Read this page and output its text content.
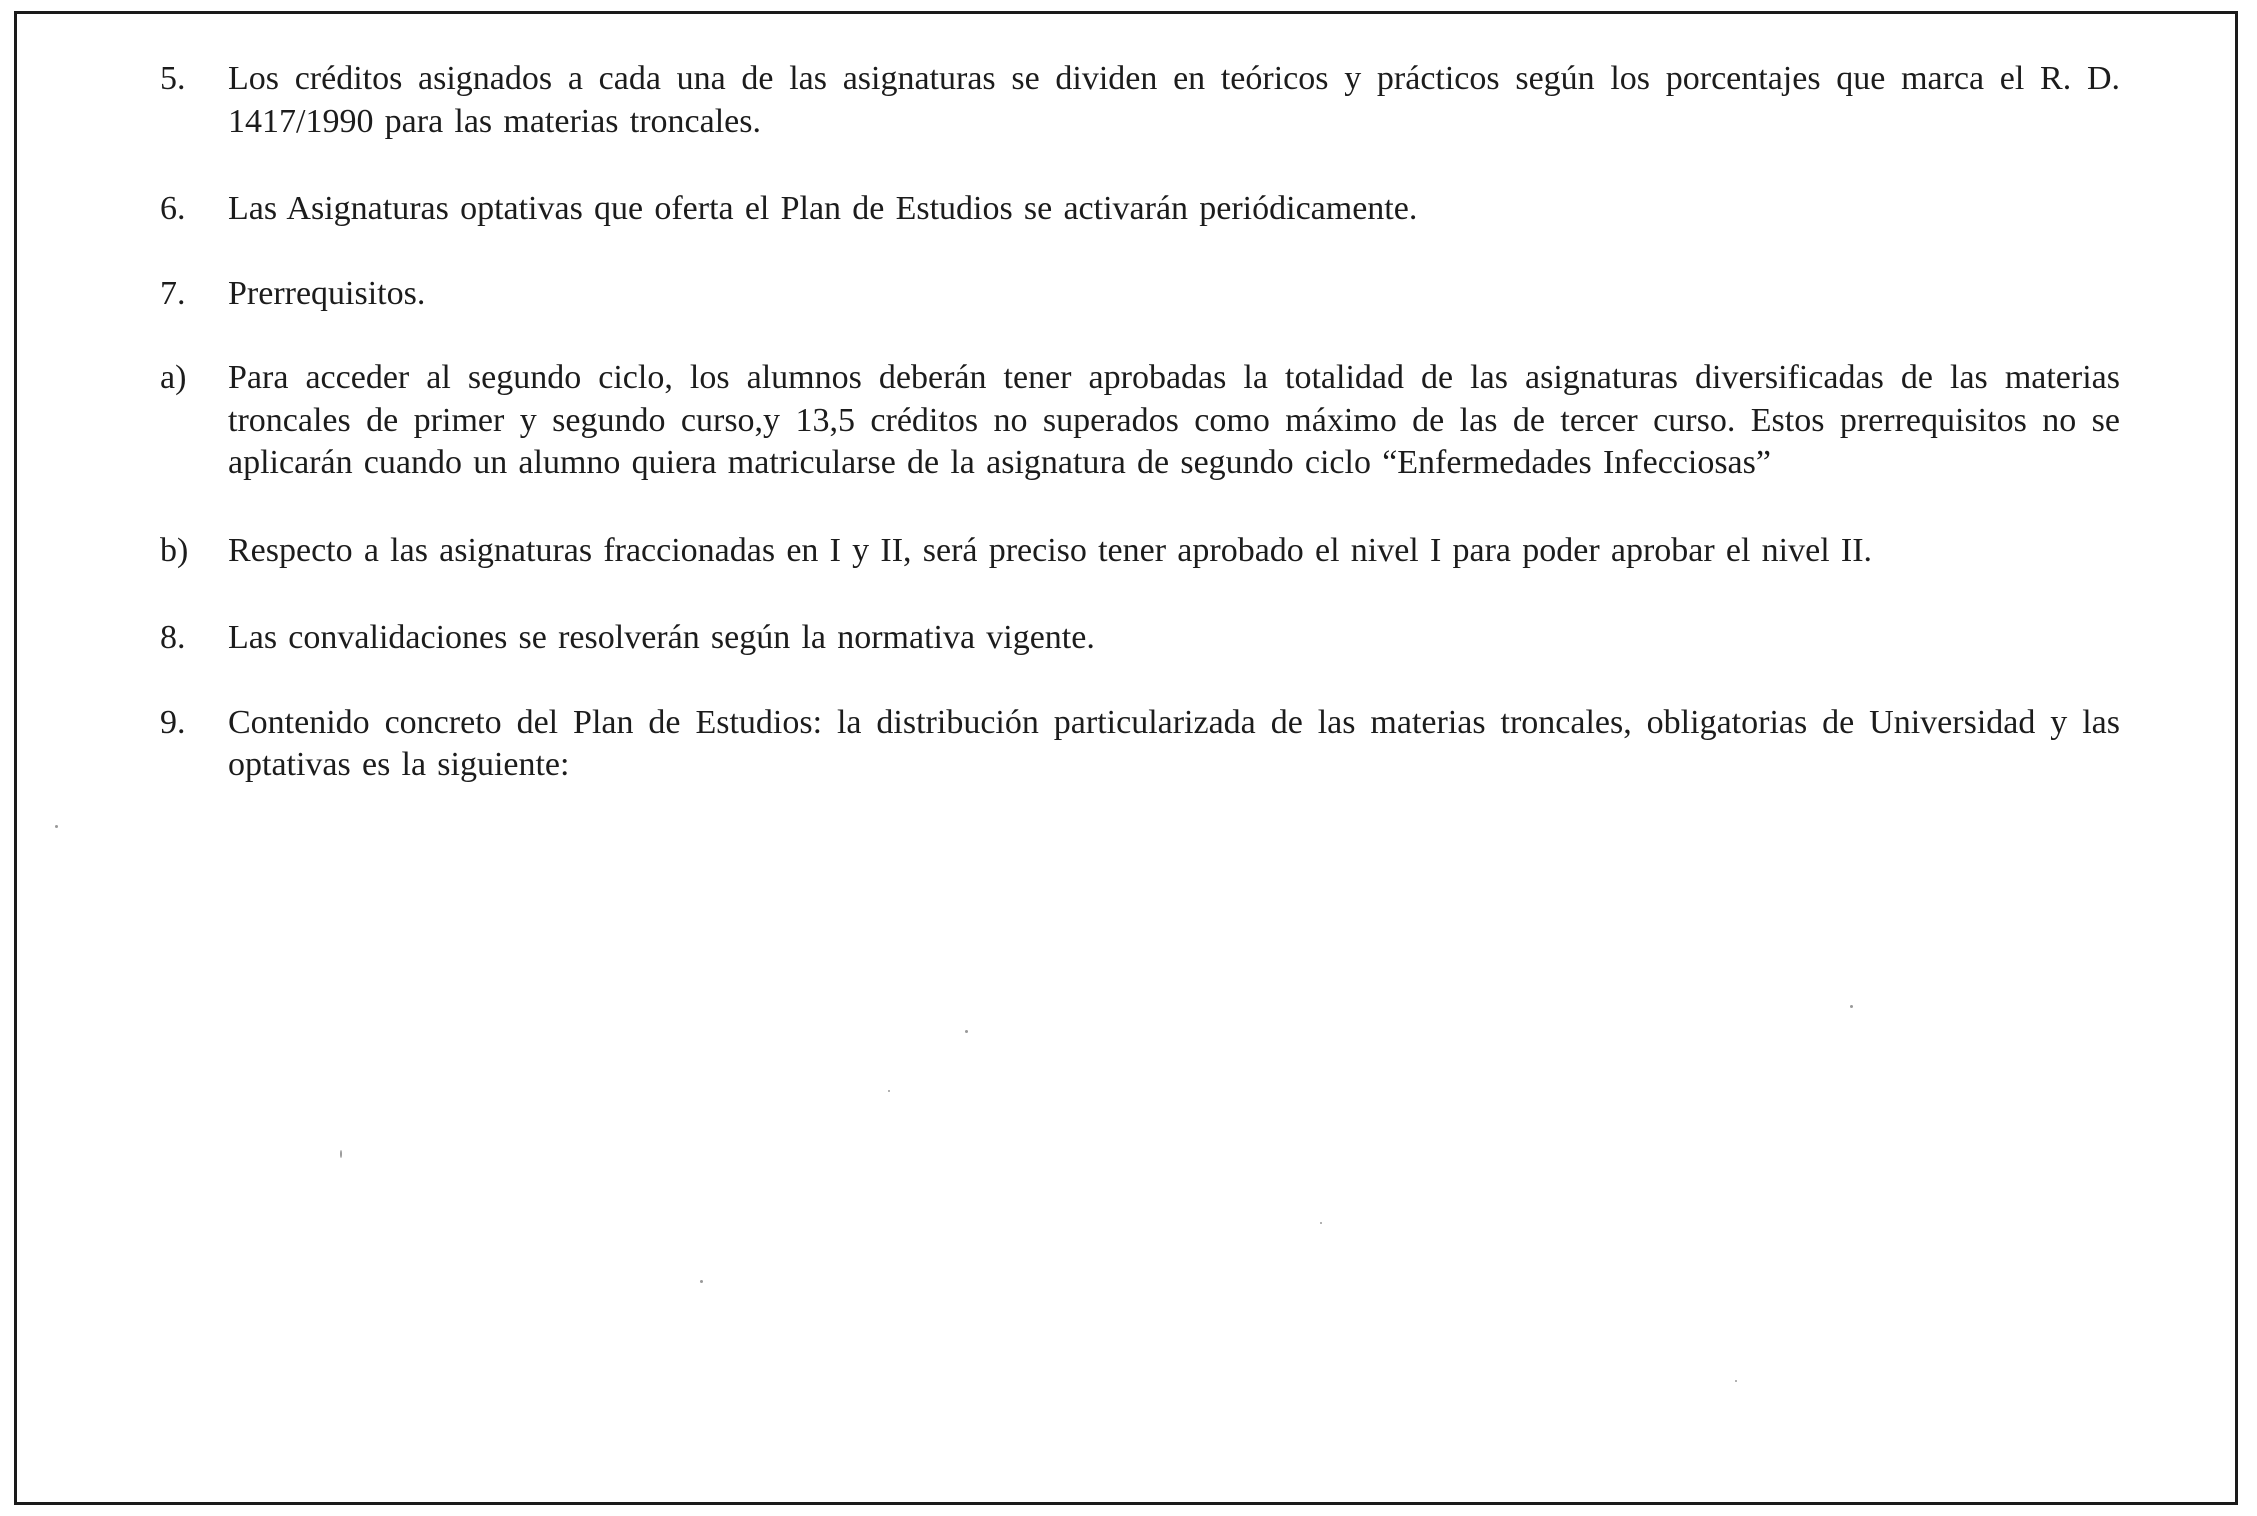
5. Los créditos asignados a cada una de las asignaturas se dividen en teóricos y prácticos según los porcentajes que marca el R. D. 1417/1990 para las materias troncales.
6. Las Asignaturas optativas que oferta el Plan de Estudios se activarán periódicamente.
7. Prerrequisitos.
a) Para acceder al segundo ciclo, los alumnos deberán tener aprobadas la totalidad de las asignaturas diversificadas de las materias troncales de primer y segundo curso,y 13,5 créditos no superados como máximo de las de tercer curso. Estos prerrequisitos no se aplicarán cuando un alumno quiera matricularse de la asignatura de segundo ciclo “Enfermedades Infecciosas”
b) Respecto a las asignaturas fraccionadas en I y II, será preciso tener aprobado el nivel I para poder aprobar el nivel II.
8. Las convalidaciones se resolverán según la normativa vigente.
9. Contenido concreto del Plan de Estudios: la distribución particularizada de las materias troncales, obligatorias de Universidad y las optativas es la siguiente:
